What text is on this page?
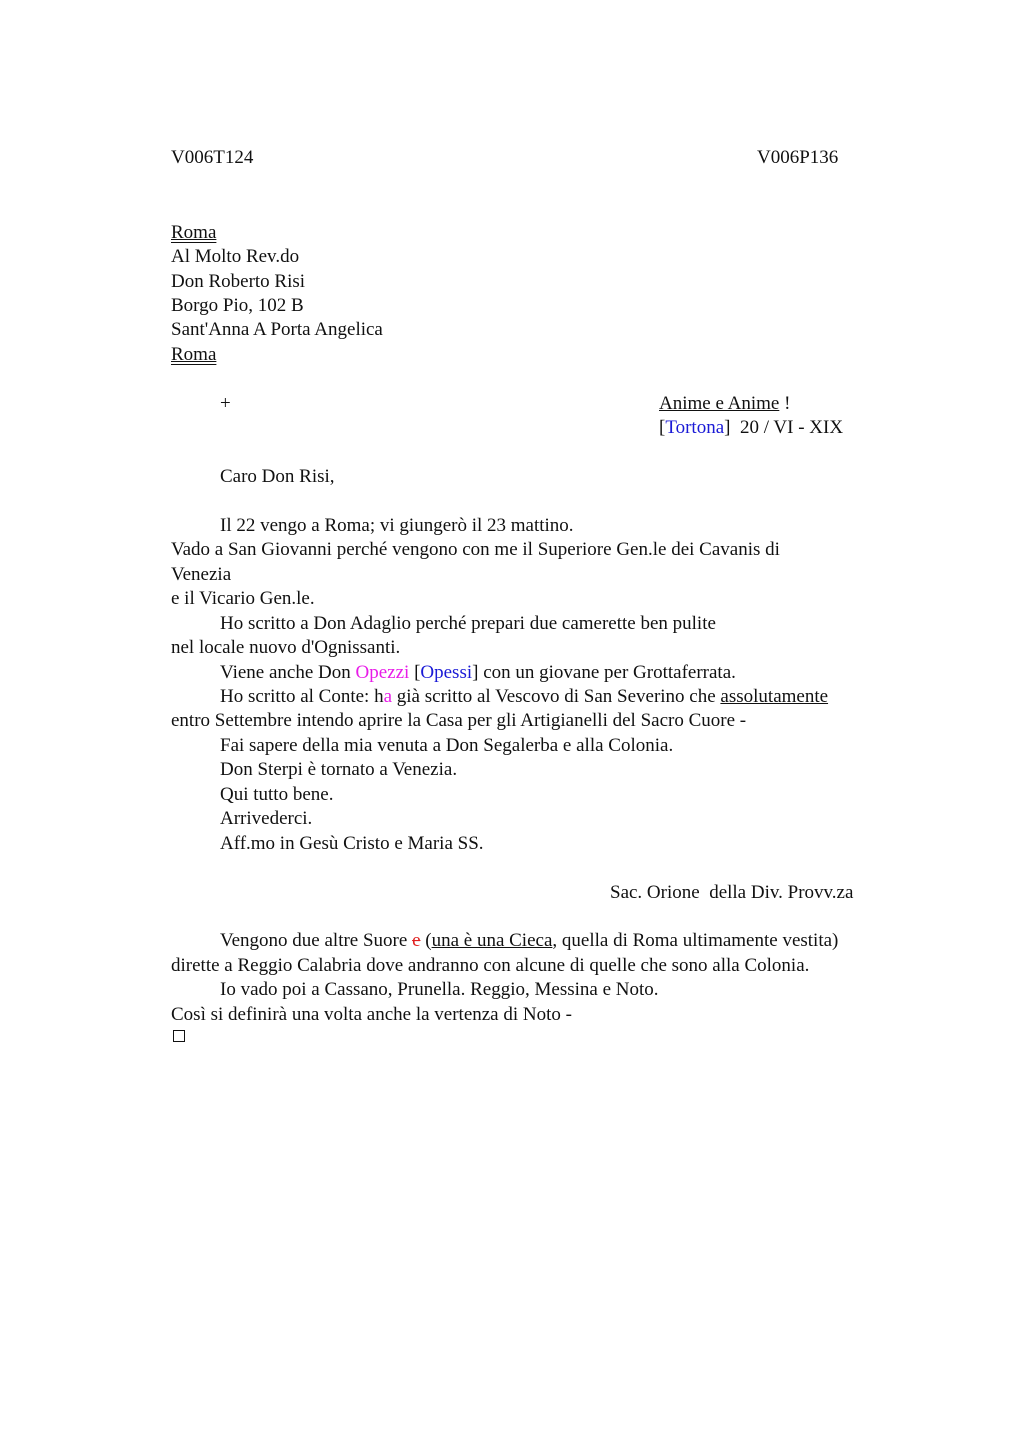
V006T124	V006P136
Roma
Al Molto Rev.do
Don Roberto Risi
Borgo Pio, 102 B
Sant'Anna A Porta Angelica
Roma
+	Anime e Anime !
[Tortona]  20 / VI - XIX
Caro Don Risi,
Il 22 vengo a Roma; vi giungerò il 23 mattino.
Vado a San Giovanni perché vengono con me il Superiore Gen.le dei Cavanis di
Venezia
e il Vicario Gen.le.
Ho scritto a Don Adaglio perché prepari due camerette ben pulite
nel locale nuovo d'Ognissanti.
Viene anche Don Opezzi [Opessi] con un giovane per Grottaferrata.
Ho scritto al Conte: ha già scritto al Vescovo di San Severino che assolutamente
entro Settembre intendo aprire la Casa per gli Artigianelli del Sacro Cuore -
Fai sapere della mia venuta a Don Segalerba e alla Colonia.
Don Sterpi è tornato a Venezia.
Qui tutto bene.
Arrivederci.
Aff.mo in Gesù Cristo e Maria SS.
Sac. Orione  della Div. Provv.za
Vengono due altre Suore e (una è una Cieca, quella di Roma ultimamente vestita)
dirette a Reggio Calabria dove andranno con alcune di quelle che sono alla Colonia.
Io vado poi a Cassano, Prunella. Reggio, Messina e Noto.
Così si definirà una volta anche la vertenza di Noto -
